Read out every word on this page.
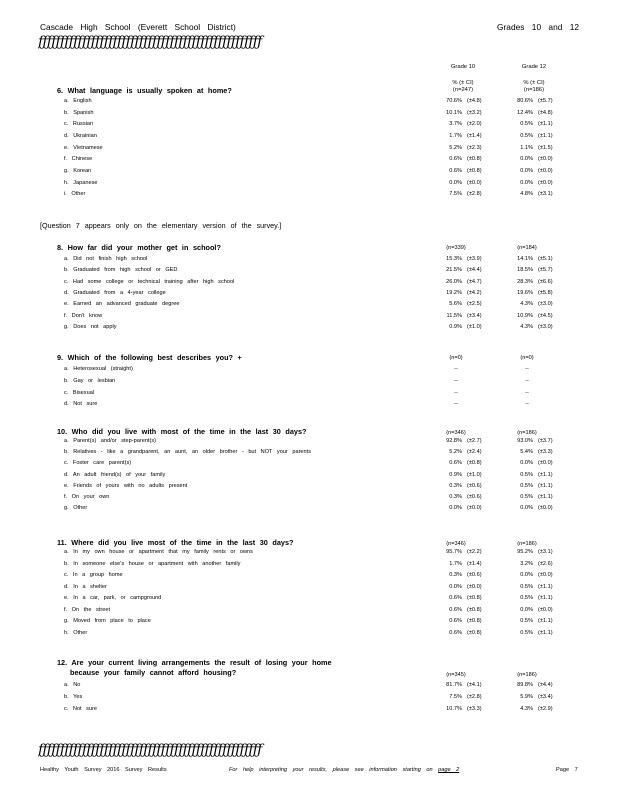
Cascade High School (Everett School District)	Grades 10 and 12
ƒƒƒƒƒƒƒƒƒƒƒƒƒƒƒƒƒƒƒƒƒƒƒƒƒƒƒƒƒƒƒƒƒƒƒƒƒƒƒƒƒƒƒƒƒƒƒƒƒƒƒ
Grade 10	Grade 12
% (± CI)	% (± CI)
(n=247)	(n=186)
6. What language is usually spoken at home?
a. English	70.6% (±4.8)	80.6% (±5.7)
b. Spanish	10.1% (±3.2)	12.4% (±4.8)
c. Russian	3.7% (±2.0)	0.5% (±1.1)
d. Ukrainian	1.7% (±1.4)	0.5% (±1.1)
e. Vietnamese	5.2% (±2.3)	1.1% (±1.5)
f. Chinese	0.6% (±0.8)	0.0% (±0.0)
g. Korean	0.6% (±0.8)	0.0% (±0.0)
h. Japanese	0.0% (±0.0)	0.0% (±0.0)
i. Other	7.5% (±2.8)	4.8% (±3.1)
8. How far did your mother get in school?	(n=339)	(n=184)
a. Did not finish high school	15.3% (±3.9)	14.1% (±5.1)
b. Graduated from high school or GED	21.5% (±4.4)	18.5% (±5.7)
c. Had some college or technical training after high school	26.0% (±4.7)	28.3% (±6.6)
d. Graduated from a 4-year college	19.2% (±4.2)	19.6% (±5.8)
e. Earned an advanced graduate degree	5.6% (±2.5)	4.3% (±3.0)
f. Don't know	11.5% (±3.4)	10.9% (±4.5)
g. Does not apply	0.9% (±1.0)	4.3% (±3.0)
9. Which of the following best describes you? +	(n=0)	(n=0)
a. Heterosexual (straight)	--	--
b. Gay or lesbian	--	--
c. Bisexual	--	--
d. Not sure	--	--
10. Who did you live with most of the time in the last 30 days?	(n=346)	(n=186)
a. Parent(s) and/or step-parent(s)	92.8% (±2.7)	93.0% (±3.7)
b. Relatives - like a grandparent, an aunt, an older brother - but NOT your parents	5.2% (±2.4)	5.4% (±3.3)
c. Foster care parent(s)	0.6% (±0.8)	0.0% (±0.0)
d. An adult friend(s) of your family	0.9% (±1.0)	0.5% (±1.1)
e. Friends of yours with no adults present	0.3% (±0.6)	0.5% (±1.1)
f. On your own	0.3% (±0.6)	0.5% (±1.1)
g. Other	0.0% (±0.0)	0.0% (±0.0)
11. Where did you live most of the time in the last 30 days?	(n=346)	(n=186)
a. In my own house or apartment that my family rents or owns	95.7% (±2.2)	95.2% (±3.1)
b. In someone else's house or apartment with another family	1.7% (±1.4)	3.2% (±2.6)
c. In a group home	0.3% (±0.6)	0.0% (±0.0)
d. In a shelter	0.0% (±0.0)	0.5% (±1.1)
e. In a car, park, or campground	0.6% (±0.8)	0.5% (±1.1)
f. On the street	0.6% (±0.8)	0.0% (±0.0)
g. Moved from place to place	0.6% (±0.8)	0.5% (±1.1)
h. Other	0.6% (±0.8)	0.5% (±1.1)
12. Are your current living arrangements the result of losing your home
because your family cannot afford housing?	(n=345)	(n=186)
a. No	81.7% (±4.1)	89.8% (±4.4)
b. Yes	7.5% (±2.8)	5.9% (±3.4)
c. Not sure	10.7% (±3.3)	4.3% (±2.9)
[Question 7 appears only on the elementary version of the survey.]
ƒƒƒƒƒƒƒƒƒƒƒƒƒƒƒƒƒƒƒƒƒƒƒƒƒƒƒƒƒƒƒƒƒƒƒƒƒƒƒƒƒƒƒƒƒƒƒƒƒƒƒ
Healthy Youth Survey 2016 Survey Results	For help interpreting your results, please see information starting on page 2	Page 7
